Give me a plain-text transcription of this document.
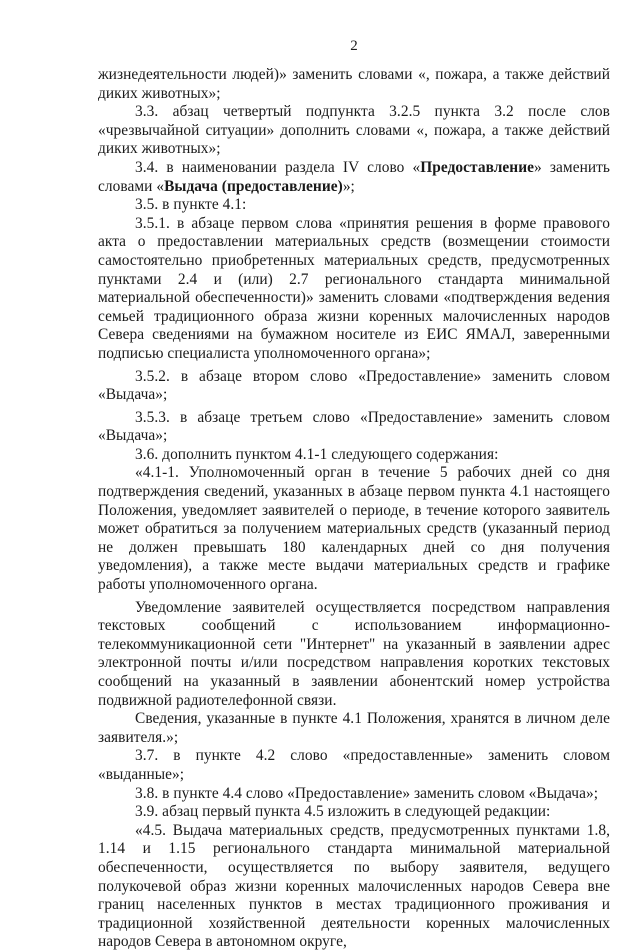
2

жизнедеятельности людей)» заменить словами «, пожара, а также действий диких животных»;

3.3. абзац четвертый подпункта 3.2.5 пункта 3.2 после слов «чрезвычайной ситуации» дополнить словами «, пожара, а также действий диких животных»;

3.4. в наименовании раздела IV слово «Предоставление» заменить словами «Выдача (предоставление)»;

3.5. в пункте 4.1:

3.5.1. в абзаце первом слова «принятия решения в форме правового акта о предоставлении материальных средств (возмещении стоимости самостоятельно приобретенных материальных средств, предусмотренных пунктами 2.4 и (или) 2.7 регионального стандарта минимальной материальной обеспеченности)» заменить словами «подтверждения ведения семьей традиционного образа жизни коренных малочисленных народов Севера сведениями на бумажном носителе из ЕИС ЯМАЛ, заверенными подписью специалиста уполномоченного органа»;

3.5.2. в абзаце втором слово «Предоставление» заменить словом «Выдача»;

3.5.3. в абзаце третьем слово «Предоставление» заменить словом «Выдача»;

3.6. дополнить пунктом 4.1-1 следующего содержания:

«4.1-1. Уполномоченный орган в течение 5 рабочих дней со дня подтверждения сведений, указанных в абзаце первом пункта 4.1 настоящего Положения, уведомляет заявителей о периоде, в течение которого заявитель может обратиться за получением материальных средств (указанный период не должен превышать 180 календарных дней со дня получения уведомления), а также месте выдачи материальных средств и графике работы уполномоченного органа.

Уведомление заявителей осуществляется посредством направления текстовых сообщений с использованием информационно-телекоммуникационной сети "Интернет" на указанный в заявлении адрес электронной почты и/или посредством направления коротких текстовых сообщений на указанный в заявлении абонентский номер устройства подвижной радиотелефонной связи.

Сведения, указанные в пункте 4.1 Положения, хранятся в личном деле заявителя.»;

3.7. в пункте 4.2 слово «предоставленные» заменить словом «выданные»;

3.8. в пункте 4.4 слово «Предоставление» заменить словом «Выдача»;

3.9. абзац первый пункта 4.5 изложить в следующей редакции:

«4.5. Выдача материальных средств, предусмотренных пунктами 1.8, 1.14 и 1.15 регионального стандарта минимальной материальной обеспеченности, осуществляется по выбору заявителя, ведущего полукочевой образ жизни коренных малочисленных народов Севера вне границ населенных пунктов в местах традиционного проживания и традиционной хозяйственной деятельности коренных малочисленных народов Севера в автономном округе,
